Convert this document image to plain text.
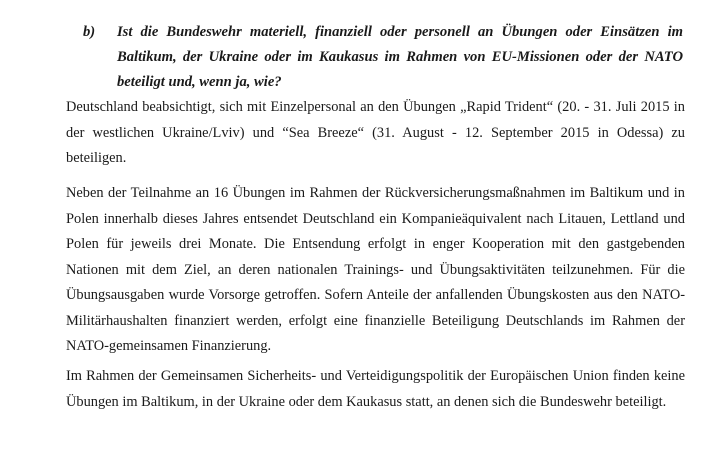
b)	Ist die Bundeswehr materiell, finanziell oder personell an Übungen oder Einsätzen im Baltikum, der Ukraine oder im Kaukasus im Rahmen von EU-Missionen oder der NATO beteiligt und, wenn ja, wie?

Deutschland beabsichtigt, sich mit Einzelpersonal an den Übungen „Rapid Trident“ (20. - 31. Juli 2015 in der westlichen Ukraine/Lviv) und “Sea Breeze“ (31. August - 12. September 2015 in Odessa) zu beteiligen.

Neben der Teilnahme an 16 Übungen im Rahmen der Rückversicherungsmaßnahmen im Baltikum und in Polen innerhalb dieses Jahres entsendet Deutschland ein Kompanieäquivalent nach Litauen, Lettland und Polen für jeweils drei Monate. Die Entsendung erfolgt in enger Kooperation mit den gastgebenden Nationen mit dem Ziel, an deren nationalen Trainings- und Übungsaktivitäten teilzunehmen. Für die Übungsausgaben wurde Vorsorge getroffen. Sofern Anteile der anfallenden Übungskosten aus den NATO-Militärhaushalten finanziert werden, erfolgt eine finanzielle Beteiligung Deutschlands im Rahmen der NATO-gemeinsamen Finanzierung.

Im Rahmen der Gemeinsamen Sicherheits- und Verteidigungspolitik der Europäischen Union finden keine Übungen im Baltikum, in der Ukraine oder dem Kaukasus statt, an denen sich die Bundeswehr beteiligt.
